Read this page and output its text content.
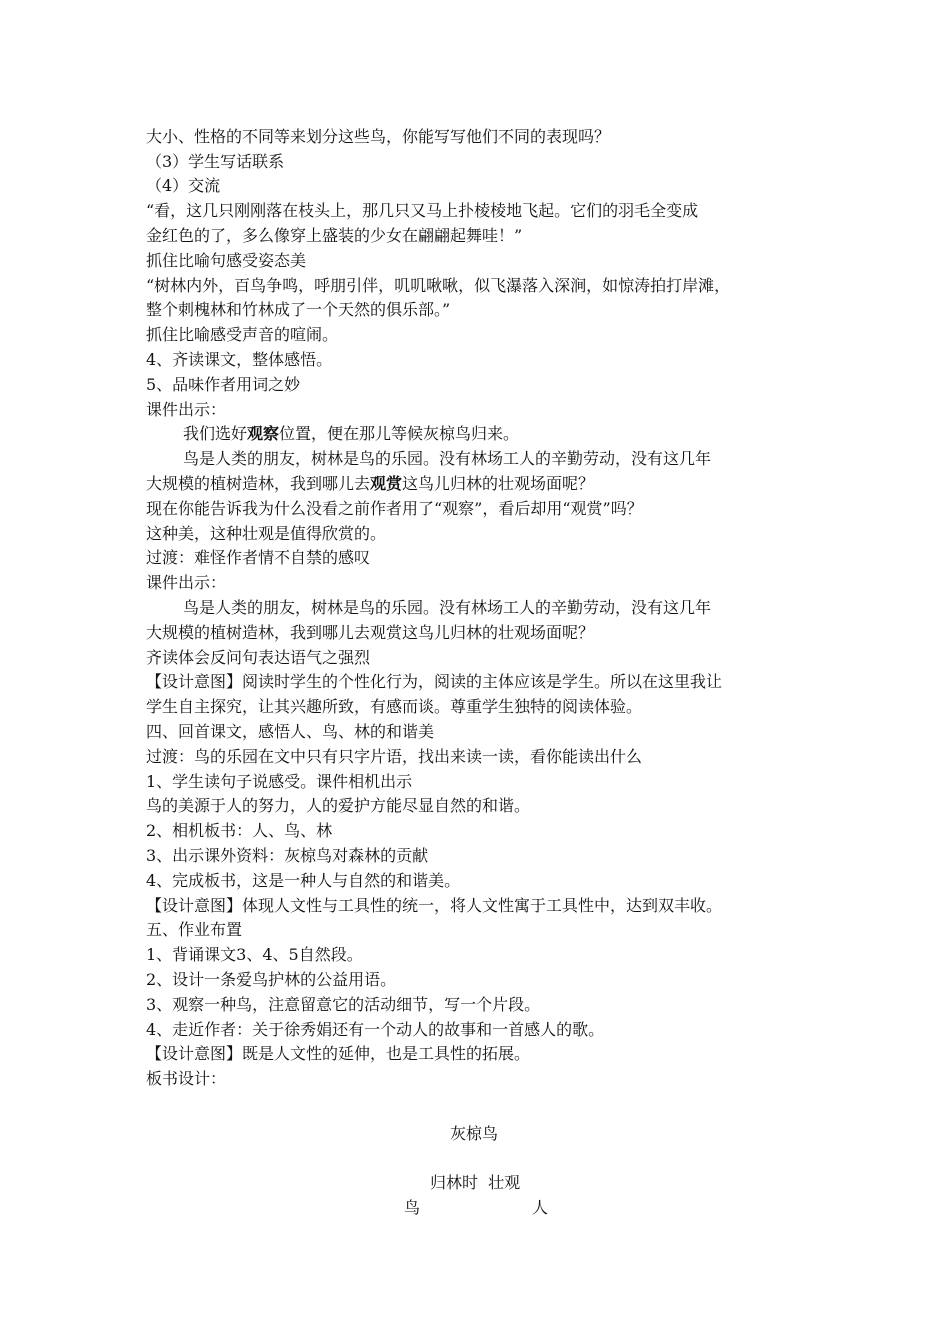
大小、性格的不同等来划分这些鸟，你能写写他们不同的表现吗？
（3）学生写话联系
（4）交流
“看，这几只刚刚落在枝头上，那几只又马上扑棱棱地飞起。它们的羽毛全变成
金红色的了，多么像穿上盛装的少女在翩翩起舞哇！”
抓住比喻句感受姿态美
“树林内外，百鸟争鸣，呼朋引伴，叽叽啾啾，似飞瀑落入深涧，如惊涛拍打岸滩，
整个刺槐林和竹林成了一个天然的俱乐部。”
抓住比喻感受声音的喧闹。
4、齐读课文，整体感悟。
5、品味作者用词之妙
课件出示：
我们选好观察位置，便在那儿等候灰椋鸟归来。
鸟是人类的朋友，树林是鸟的乐园。没有林场工人的辛勤劳动，没有这几年
大规模的植树造林，我到哪儿去观赏这鸟儿归林的壮观场面呢？
现在你能告诉我为什么没看之前作者用了“观察”，看后却用“观赏”吗？
这种美，这种壮观是值得欣赏的。
过渡：难怪作者情不自禁的感叹
课件出示：
鸟是人类的朋友，树林是鸟的乐园。没有林场工人的辛勤劳动，没有这几年
大规模的植树造林，我到哪儿去观赏这鸟儿归林的壮观场面呢？
齐读体会反问句表达语气之强烈
【设计意图】阅读时学生的个性化行为，阅读的主体应该是学生。所以在这里我让
学生自主探究，让其兴趣所致，有感而谈。尊重学生独特的阅读体验。
四、回首课文，感悟人、鸟、林的和谐美
过渡：鸟的乐园在文中只有只字片语，找出来读一读，看你能读出什么
1、学生读句子说感受。课件相机出示
鸟的美源于人的努力，人的爱护方能尽显自然的和谐。
2、相机板书：人、鸟、林
3、出示课外资料：灰椋鸟对森林的贡献
4、完成板书，这是一种人与自然的和谐美。
【设计意图】体现人文性与工具性的统一，将人文性寓于工具性中，达到双丰收。
五、作业布置
1、背诵课文3、4、5自然段。
2、设计一条爱鸟护林的公益用语。
3、观察一种鸟，注意留意它的活动细节，写一个片段。
4、走近作者：关于徐秀娟还有一个动人的故事和一首感人的歌。
【设计意图】既是人文性的延伸，也是工具性的拓展。
板书设计：
灰椋鸟
归林时  壮观
鸟	人
